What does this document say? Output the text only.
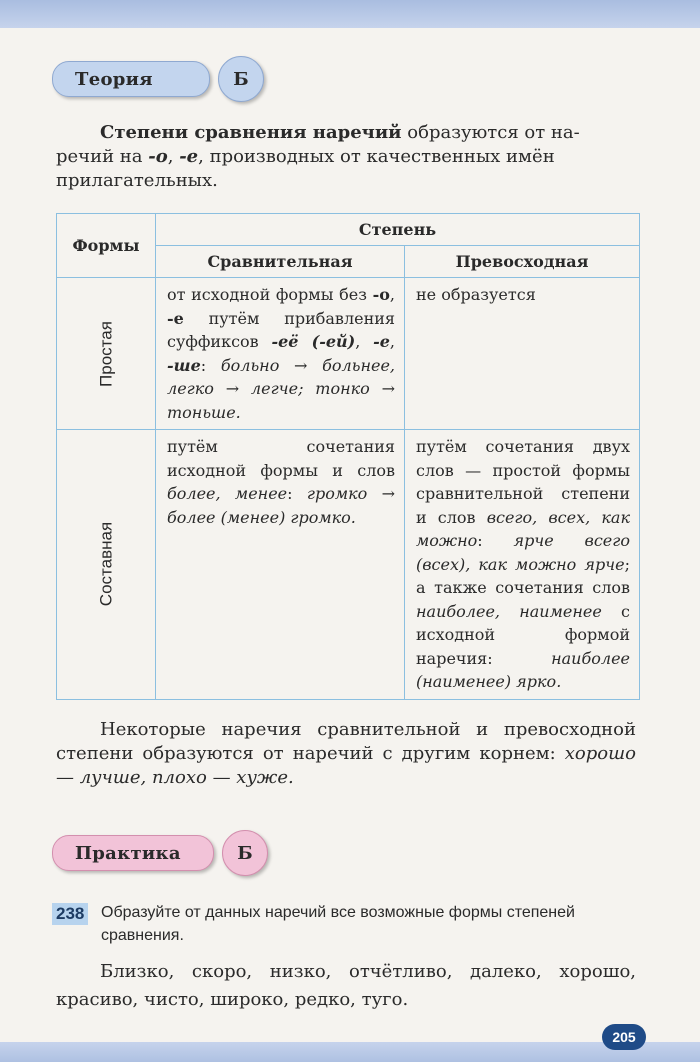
Теория	Б
Степени сравнения наречий образуются от на-
речий на -о, -е, производных от качественных имён
прилагательных.
Формы	Степень	
	Сравнительная	Превосходная

Простая	от исходной формы без -о, -е путём прибавления суффиксов -её (-ей), -е, -ше: больно → больнее, легко → легче; тонко → тоньше.	не образуется

Составная	путём сочетания исходной формы и слов более, менее: громко → более (менее) громко.	путём сочетания двух слов — простой формы сравнительной степени и слов всего, всех, как можно: ярче всего (всех), как можно ярче; а также сочетания слов наиболее, наименее с исходной формой наречия: наиболее (наименее) ярко.
Некоторые наречия сравнительной и превосходной степени образуются от наречий с другим корнем: хорошо — лучше, плохо — хуже.
Практика	Б
238 Образуйте от данных наречий все возможные формы степеней сравнения.
Близко, скоро, низко, отчётливо, далеко, хорошо, красиво, чисто, широко, редко, туго.
205
